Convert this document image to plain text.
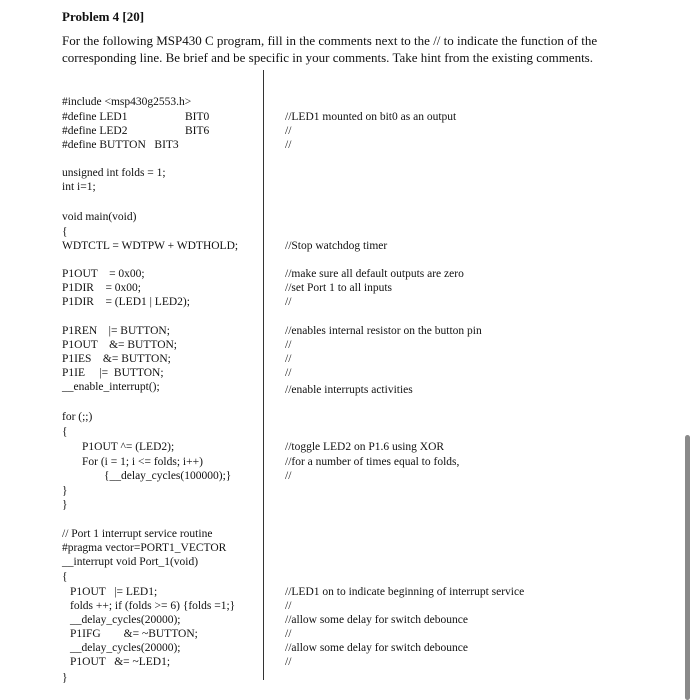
Problem 4 [20]
For the following MSP430 C program, fill in the comments next to the // to indicate the function of the corresponding line. Be brief and be specific in your comments. Take hint from the existing comments.
#include <msp430g2553.h>
#define LED1	BIT0
#define LED2	BIT6
#define BUTTON   BIT3
unsigned int folds = 1;
int i=1;
void main(void)
{
WDTCTL = WDTPW + WDTHOLD;
P1OUT    = 0x00;
P1DIR    = 0x00;
P1DIR    = (LED1 | LED2);
P1REN    |= BUTTON;
P1OUT    &= BUTTON;
P1IES    &= BUTTON;
P1IE     |=  BUTTON;
__enable_interrupt();
for (;;)
{
P1OUT ^= (LED2);
For (i = 1; i <= folds; i++)
{__delay_cycles(100000);}
}
}
// Port 1 interrupt service routine
#pragma vector=PORT1_VECTOR
__interrupt void Port_1(void)
{
P1OUT   |= LED1;
folds ++; if (folds >= 6) {folds =1;}
__delay_cycles(20000);
P1IFG        &= ~BUTTON;
__delay_cycles(20000);
P1OUT   &= ~LED1;
}
//LED1 mounted on bit0 as an output
//
//
//Stop watchdog timer
//make sure all default outputs are zero
//set Port 1 to all inputs
//
//enables internal resistor on the button pin
//
//
//
//enable interrupts activities
//toggle LED2 on P1.6 using XOR
//for a number of times equal to folds,
//
//LED1 on to indicate beginning of interrupt service
//
//allow some delay for switch debounce
//
//allow some delay for switch debounce
//
